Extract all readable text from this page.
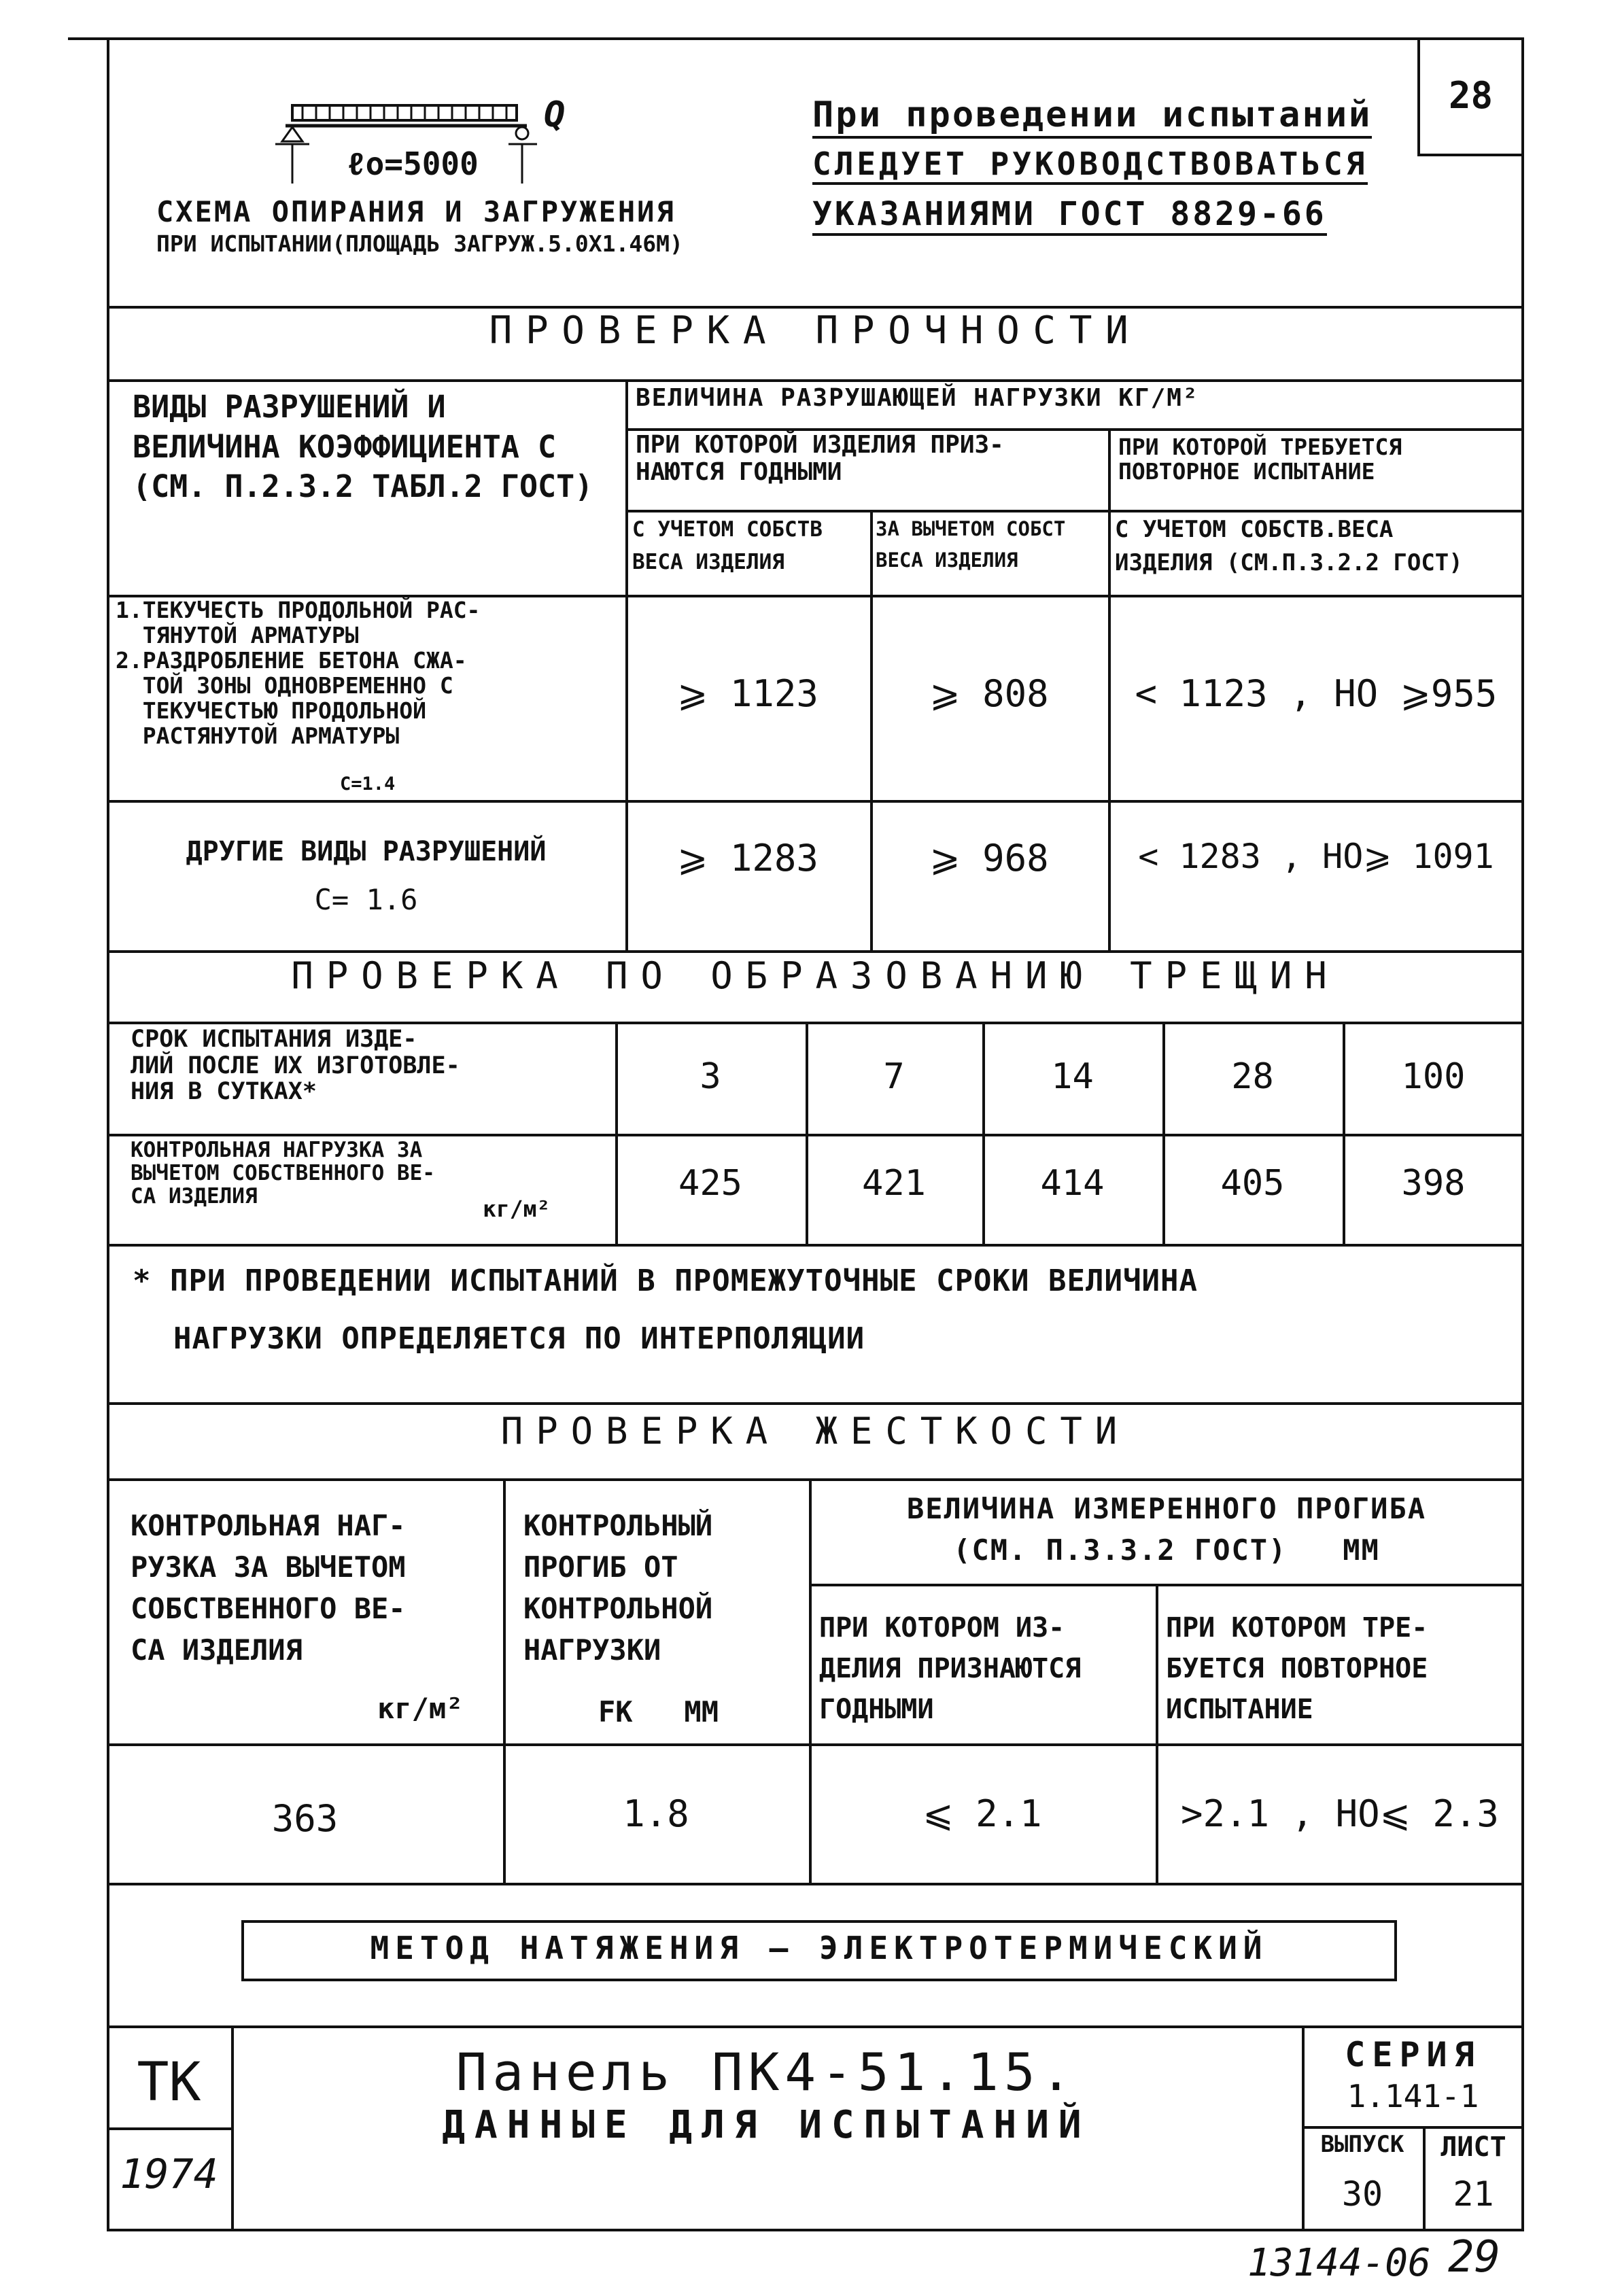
Q
ℓо=5000
СХЕМА ОПИРАНИЯ И ЗАГРУЖЕНИЯ
ПРИ ИСПЫТАНИИ(ПЛОЩАДЬ ЗАГРУЖ.5.0Х1.46М)
При проведении испытаний
СЛЕДУЕТ РУКОВОДСТВОВАТЬСЯ
УКАЗАНИЯМИ ГОСТ 8829-66
28
ПРОВЕРКА ПРОЧНОСТИ
ВИДЫ РАЗРУШЕНИЙ И
ВЕЛИЧИНА КОЭФФИЦИЕНТА С
(СМ. П.2.3.2 ТАБЛ.2 ГОСТ)
ВЕЛИЧИНА РАЗРУШАЮЩЕЙ НАГРУЗКИ КГ/М²
ПРИ КОТОРОЙ ИЗДЕЛИЯ ПРИЗ-
НАЮТСЯ ГОДНЫМИ
ПРИ КОТОРОЙ ТРЕБУЕТСЯ
ПОВТОРНОЕ ИСПЫТАНИЕ
С УЧЕТОМ СОБСТВ
ВЕСА ИЗДЕЛИЯ
ЗА ВЫЧЕТОМ СОБСТ
ВЕСА ИЗДЕЛИЯ
С УЧЕТОМ СОБСТВ.ВЕСА
ИЗДЕЛИЯ (СМ.П.3.2.2 ГОСТ)
1.ТЕКУЧЕСТЬ ПРОДОЛЬНОЙ РАС-
ТЯНУТОЙ АРМАТУРЫ
2.РАЗДРОБЛЕНИЕ БЕТОНА СЖА-
ТОЙ ЗОНЫ ОДНОВРЕМЕННО С
ТЕКУЧЕСТЬЮ ПРОДОЛЬНОЙ
РАСТЯНУТОЙ АРМАТУРЫ
С=1.4
⩾ 1123	⩾ 808	< 1123 , НО ⩾955
ДРУГИЕ ВИДЫ РАЗРУШЕНИЙ
С= 1.6
⩾ 1283	⩾ 968	< 1283 , НО⩾ 1091
ПРОВЕРКА ПО ОБРАЗОВАНИЮ ТРЕЩИН
СРОК ИСПЫТАНИЯ ИЗДЕ-
ЛИЙ ПОСЛЕ ИХ ИЗГОТОВЛЕ-
НИЯ В СУТКАХ*	3	7	14	28	100
КОНТРОЛЬНАЯ НАГРУЗКА ЗА
ВЫЧЕТОМ СОБСТВЕННОГО ВЕ-
СА ИЗДЕЛИЯ	кг/м²
425	421	414	405	398
* ПРИ ПРОВЕДЕНИИ ИСПЫТАНИЙ В ПРОМЕЖУТОЧНЫЕ СРОКИ ВЕЛИЧИНА
НАГРУЗКИ ОПРЕДЕЛЯЕТСЯ ПО ИНТЕРПОЛЯЦИИ
ПРОВЕРКА ЖЕСТКОСТИ
КОНТРОЛЬНАЯ НАГ-
РУЗКА ЗА ВЫЧЕТОМ
СОБСТВЕННОГО ВЕ-
СА ИЗДЕЛИЯ
кг/м²
КОНТРОЛЬНЫЙ
ПРОГИБ ОТ
КОНТРОЛЬНОЙ
НАГРУЗКИ
FК   ММ
ВЕЛИЧИНА ИЗМЕРЕННОГО ПРОГИБА
(СМ. П.3.3.2 ГОСТ)   ММ
ПРИ КОТОРОМ ИЗ-
ДЕЛИЯ ПРИЗНАЮТСЯ
ГОДНЫМИ
ПРИ КОТОРОМ ТРЕ-
БУЕТСЯ ПОВТОРНОЕ
ИСПЫТАНИЕ
363	1.8	⩽ 2.1	>2.1 , НО⩽ 2.3
МЕТОД НАТЯЖЕНИЯ — ЭЛЕКТРОТЕРМИЧЕСКИЙ
ТК
1974
Панель ПК4-51.15.
ДАННЫЕ ДЛЯ ИСПЫТАНИЙ
СЕРИЯ
1.141-1
ВЫПУСК
30
ЛИСТ
21
13144-06 29
